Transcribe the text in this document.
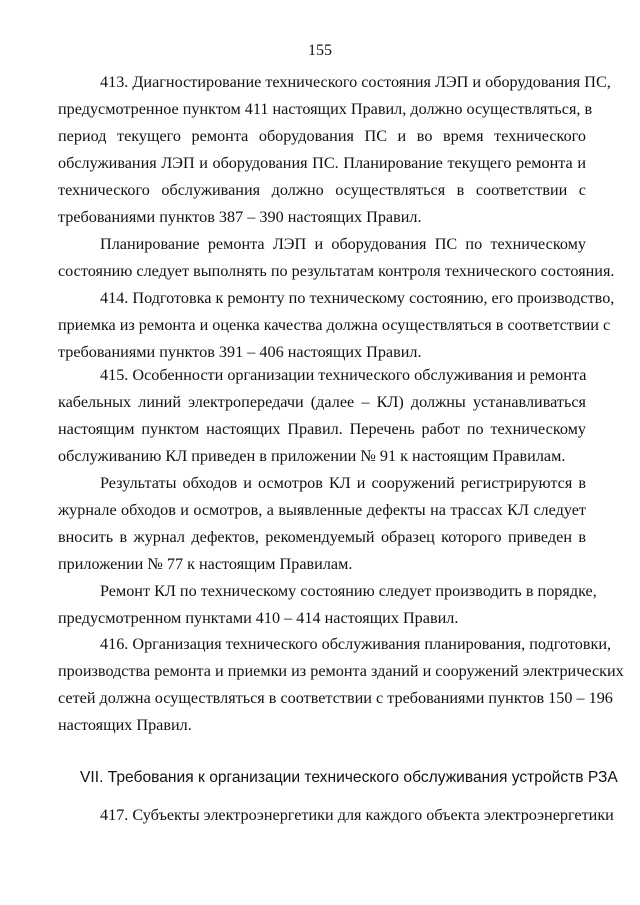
155
413. Диагностирование технического состояния ЛЭП и оборудования ПС,
предусмотренное пунктом 411 настоящих Правил, должно осуществляться, в
период текущего ремонта оборудования ПС и во время технического
обслуживания ЛЭП и оборудования ПС. Планирование текущего ремонта и
технического обслуживания должно осуществляться в соответствии с
требованиями пунктов 387 – 390 настоящих Правил.
Планирование ремонта ЛЭП и оборудования ПС по техническому
состоянию следует выполнять по результатам контроля технического состояния.
414. Подготовка к ремонту по техническому состоянию, его производство,
приемка из ремонта и оценка качества должна осуществляться в соответствии с
требованиями пунктов 391 – 406 настоящих Правил.
415. Особенности организации технического обслуживания и ремонта
кабельных линий электропередачи (далее – КЛ) должны устанавливаться
настоящим пунктом настоящих Правил. Перечень работ по техническому
обслуживанию КЛ приведен в приложении № 91 к настоящим Правилам.
Результаты обходов и осмотров КЛ и сооружений регистрируются в
журнале обходов и осмотров, а выявленные дефекты на трассах КЛ следует
вносить в журнал дефектов, рекомендуемый образец которого приведен в
приложении № 77 к настоящим Правилам.
Ремонт КЛ по техническому состоянию следует производить в порядке,
предусмотренном пунктами 410 – 414 настоящих Правил.
416. Организация технического обслуживания планирования, подготовки,
производства ремонта и приемки из ремонта зданий и сооружений электрических
сетей должна осуществляться в соответствии с требованиями пунктов 150 – 196
настоящих Правил.
VII. Требования к организации технического обслуживания устройств РЗА
417. Субъекты электроэнергетики для каждого объекта электроэнергетики
